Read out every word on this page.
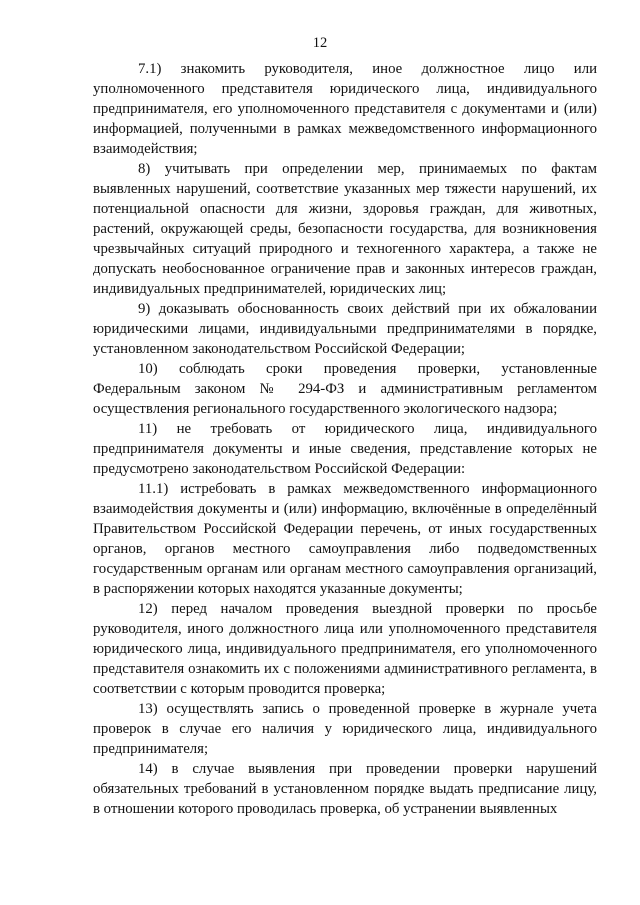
12

7.1) знакомить руководителя, иное должностное лицо или уполномоченного представителя юридического лица, индивидуального предпринимателя, его уполномоченного представителя с документами и (или) информацией, полученными в рамках межведомственного информационного взаимодействия;

8) учитывать при определении мер, принимаемых по фактам выявленных нарушений, соответствие указанных мер тяжести нарушений, их потенциальной опасности для жизни, здоровья граждан, для животных, растений, окружающей среды, безопасности государства, для возникновения чрезвычайных ситуаций природного и техногенного характера, а также не допускать необоснованное ограничение прав и законных интересов граждан, индивидуальных предпринимателей, юридических лиц;

9) доказывать обоснованность своих действий при их обжаловании юридическими лицами, индивидуальными предпринимателями в порядке, установленном законодательством Российской Федерации;

10) соблюдать сроки проведения проверки, установленные Федеральным законом № 294-ФЗ и административным регламентом осуществления регионального государственного экологического надзора;

11) не требовать от юридического лица, индивидуального предпринимателя документы и иные сведения, представление которых не предусмотрено законодательством Российской Федерации:

11.1) истребовать в рамках межведомственного информационного взаимодействия документы и (или) информацию, включённые в определённый Правительством Российской Федерации перечень, от иных государственных органов, органов местного самоуправления либо подведомственных государственным органам или органам местного самоуправления организаций, в распоряжении которых находятся указанные документы;

12) перед началом проведения выездной проверки по просьбе руководителя, иного должностного лица или уполномоченного представителя юридического лица, индивидуального предпринимателя, его уполномоченного представителя ознакомить их с положениями административного регламента, в соответствии с которым проводится проверка;

13) осуществлять запись о проведенной проверке в журнале учета проверок в случае его наличия у юридического лица, индивидуального предпринимателя;

14) в случае выявления при проведении проверки нарушений обязательных требований в установленном порядке выдать предписание лицу, в отношении которого проводилась проверка, об устранении выявленных
